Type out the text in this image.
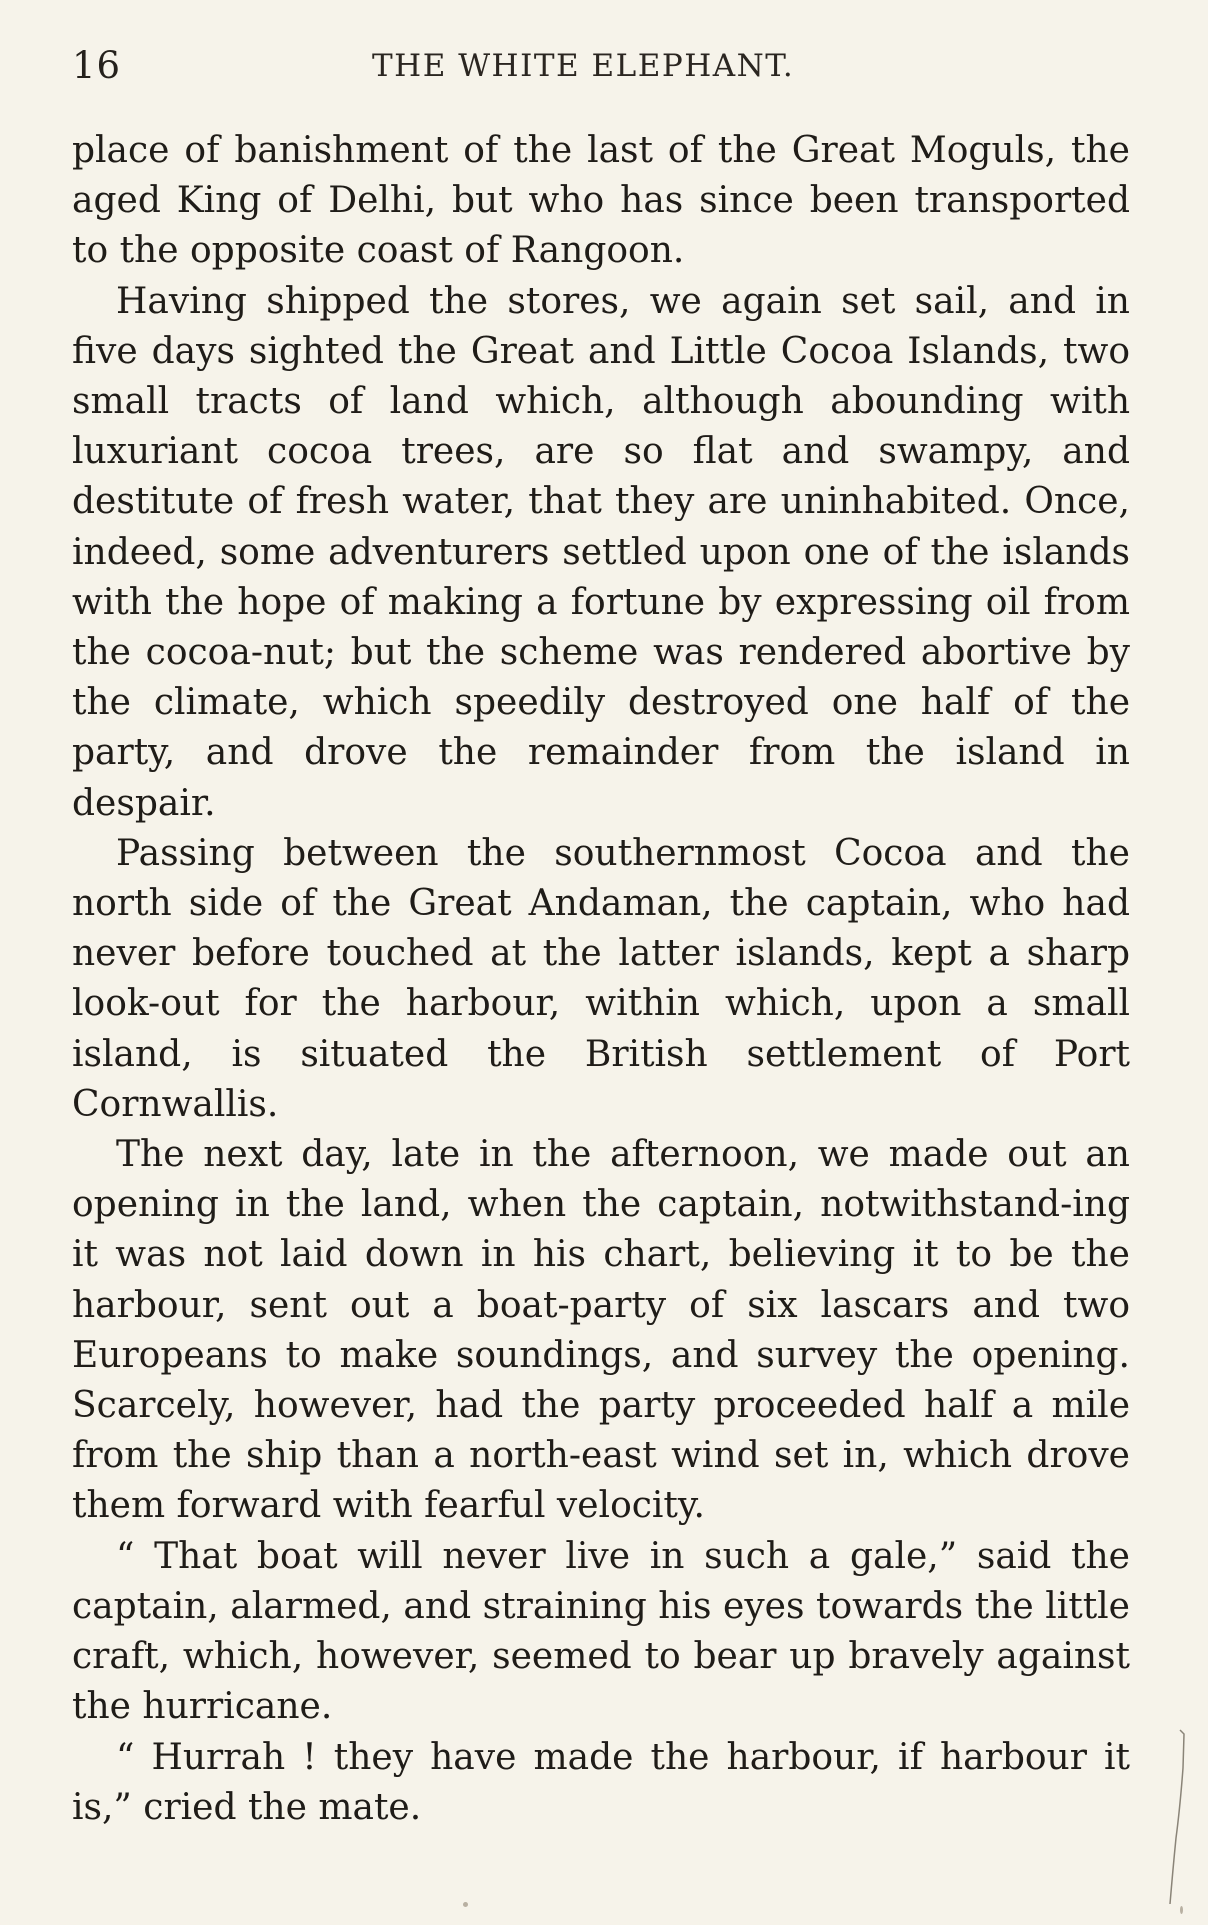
16	THE WHITE ELEPHANT.

place of banishment of the last of the Great Moguls, the aged King of Delhi, but who has since been transported to the opposite coast of Rangoon.

Having shipped the stores, we again set sail, and in five days sighted the Great and Little Cocoa Islands, two small tracts of land which, although abounding with luxuriant cocoa trees, are so flat and swampy, and destitute of fresh water, that they are uninhabited. Once, indeed, some adventurers settled upon one of the islands with the hope of making a fortune by expressing oil from the cocoa-nut; but the scheme was rendered abortive by the climate, which speedily destroyed one half of the party, and drove the remainder from the island in despair.

Passing between the southernmost Cocoa and the north side of the Great Andaman, the captain, who had never before touched at the latter islands, kept a sharp look-out for the harbour, within which, upon a small island, is situated the British settlement of Port Cornwallis.

The next day, late in the afternoon, we made out an opening in the land, when the captain, notwithstand-ing it was not laid down in his chart, believing it to be the harbour, sent out a boat-party of six lascars and two Europeans to make soundings, and survey the opening. Scarcely, however, had the party proceeded half a mile from the ship than a north-east wind set in, which drove them forward with fearful velocity.

“ That boat will never live in such a gale,” said the captain, alarmed, and straining his eyes towards the little craft, which, however, seemed to bear up bravely against the hurricane.

“ Hurrah ! they have made the harbour, if harbour it is,” cried the mate.
